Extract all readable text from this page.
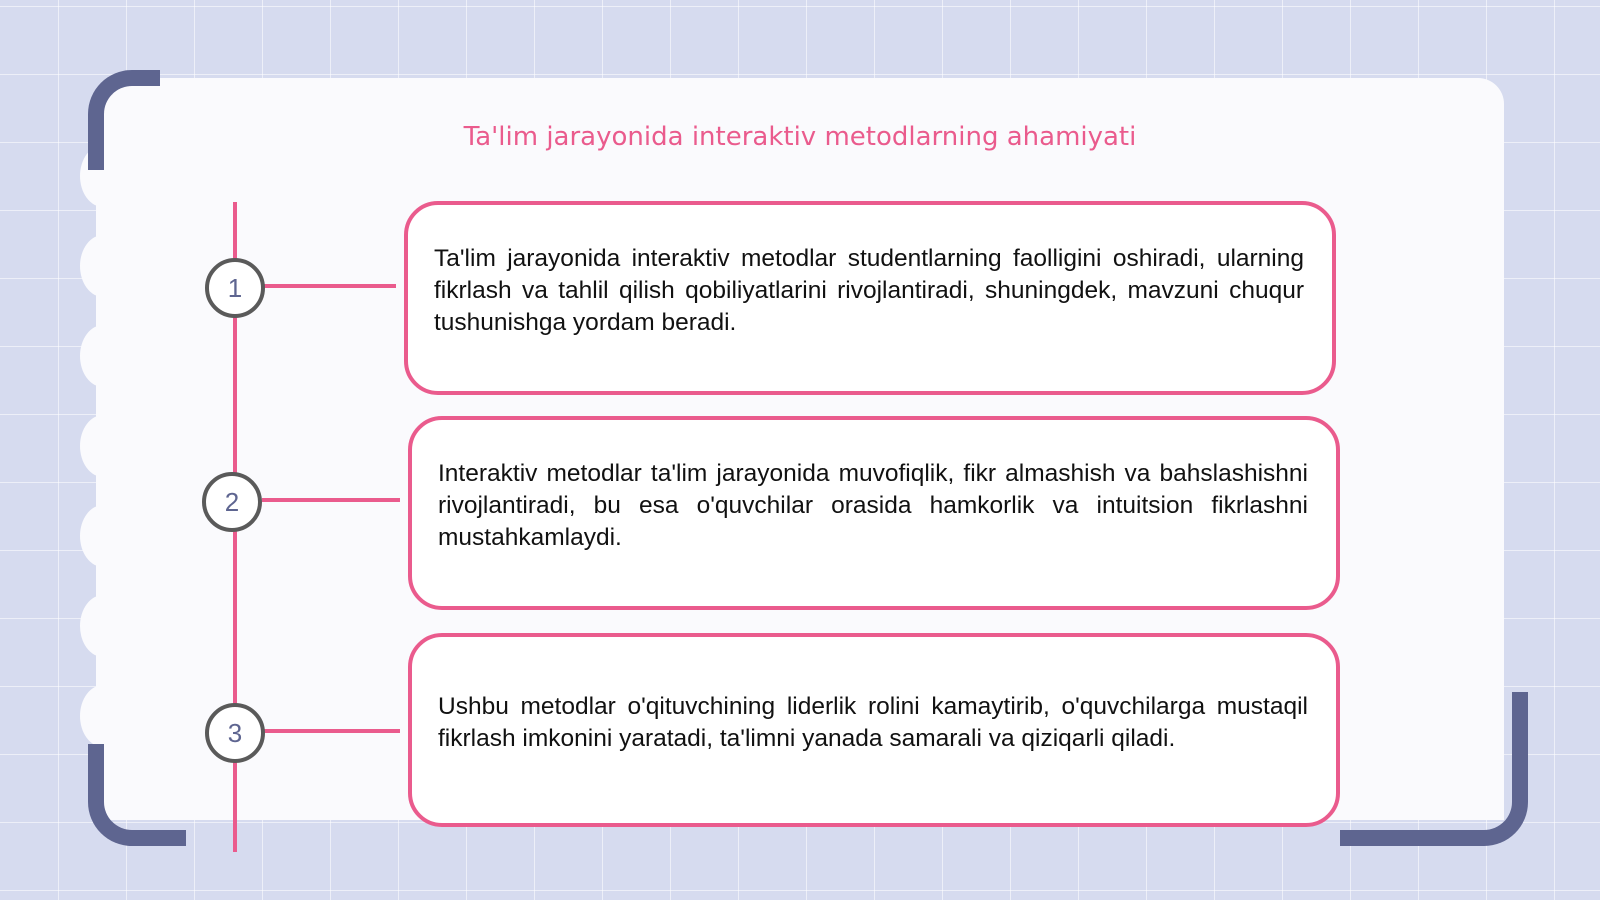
Ta'lim jarayonida interaktiv metodlarning ahamiyati
1

Ta'lim jarayonida interaktiv metodlar studentlarning faolligini oshiradi, ularning fikrlash va tahlil qilish qobiliyatlarini rivojlantiradi, shuningdek, mavzuni chuqur tushunishga yordam beradi.

2

Interaktiv metodlar ta'lim jarayonida muvofiqlik, fikr almashish va bahslashishni rivojlantiradi, bu esa o'quvchilar orasida hamkorlik va intuitsion fikrlashni mustahkamlaydi.

3

Ushbu metodlar o'qituvchining liderlik rolini kamaytirib, o'quvchilarga mustaqil fikrlash imkonini yaratadi, ta'limni yanada samarali va qiziqarli qiladi.
